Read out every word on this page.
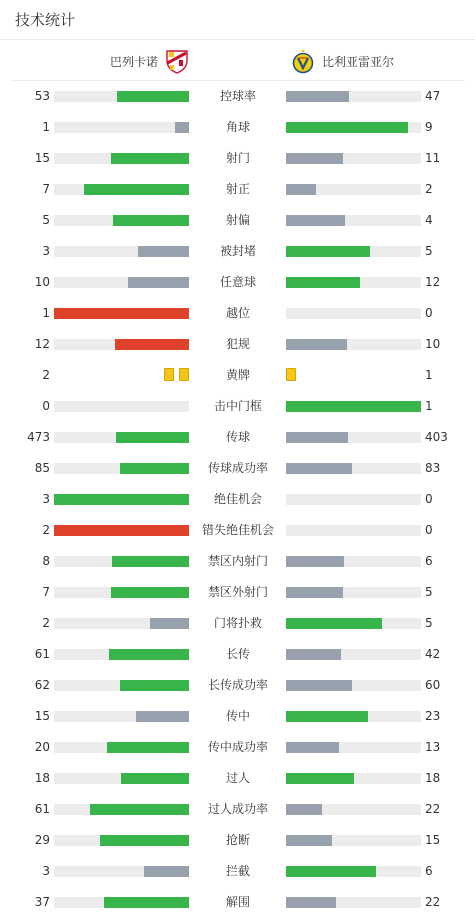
技术统计
巴列卡诺	比利亚雷亚尔
53	控球率	47
1	角球	9
15	射门	11
7	射正	2
5	射偏	4
3	被封堵	5
10	任意球	12
1	越位	0
12	犯规	10
2	黄牌	1
0	击中门框	1
473	传球	403
85	传球成功率	83
3	绝佳机会	0
2	错失绝佳机会	0
8	禁区内射门	6
7	禁区外射门	5
2	门将扑救	5
61	长传	42
62	长传成功率	60
15	传中	23
20	传中成功率	13
18	过人	18
61	过人成功率	22
29	抢断	15
3	拦截	6
37	解围	22
